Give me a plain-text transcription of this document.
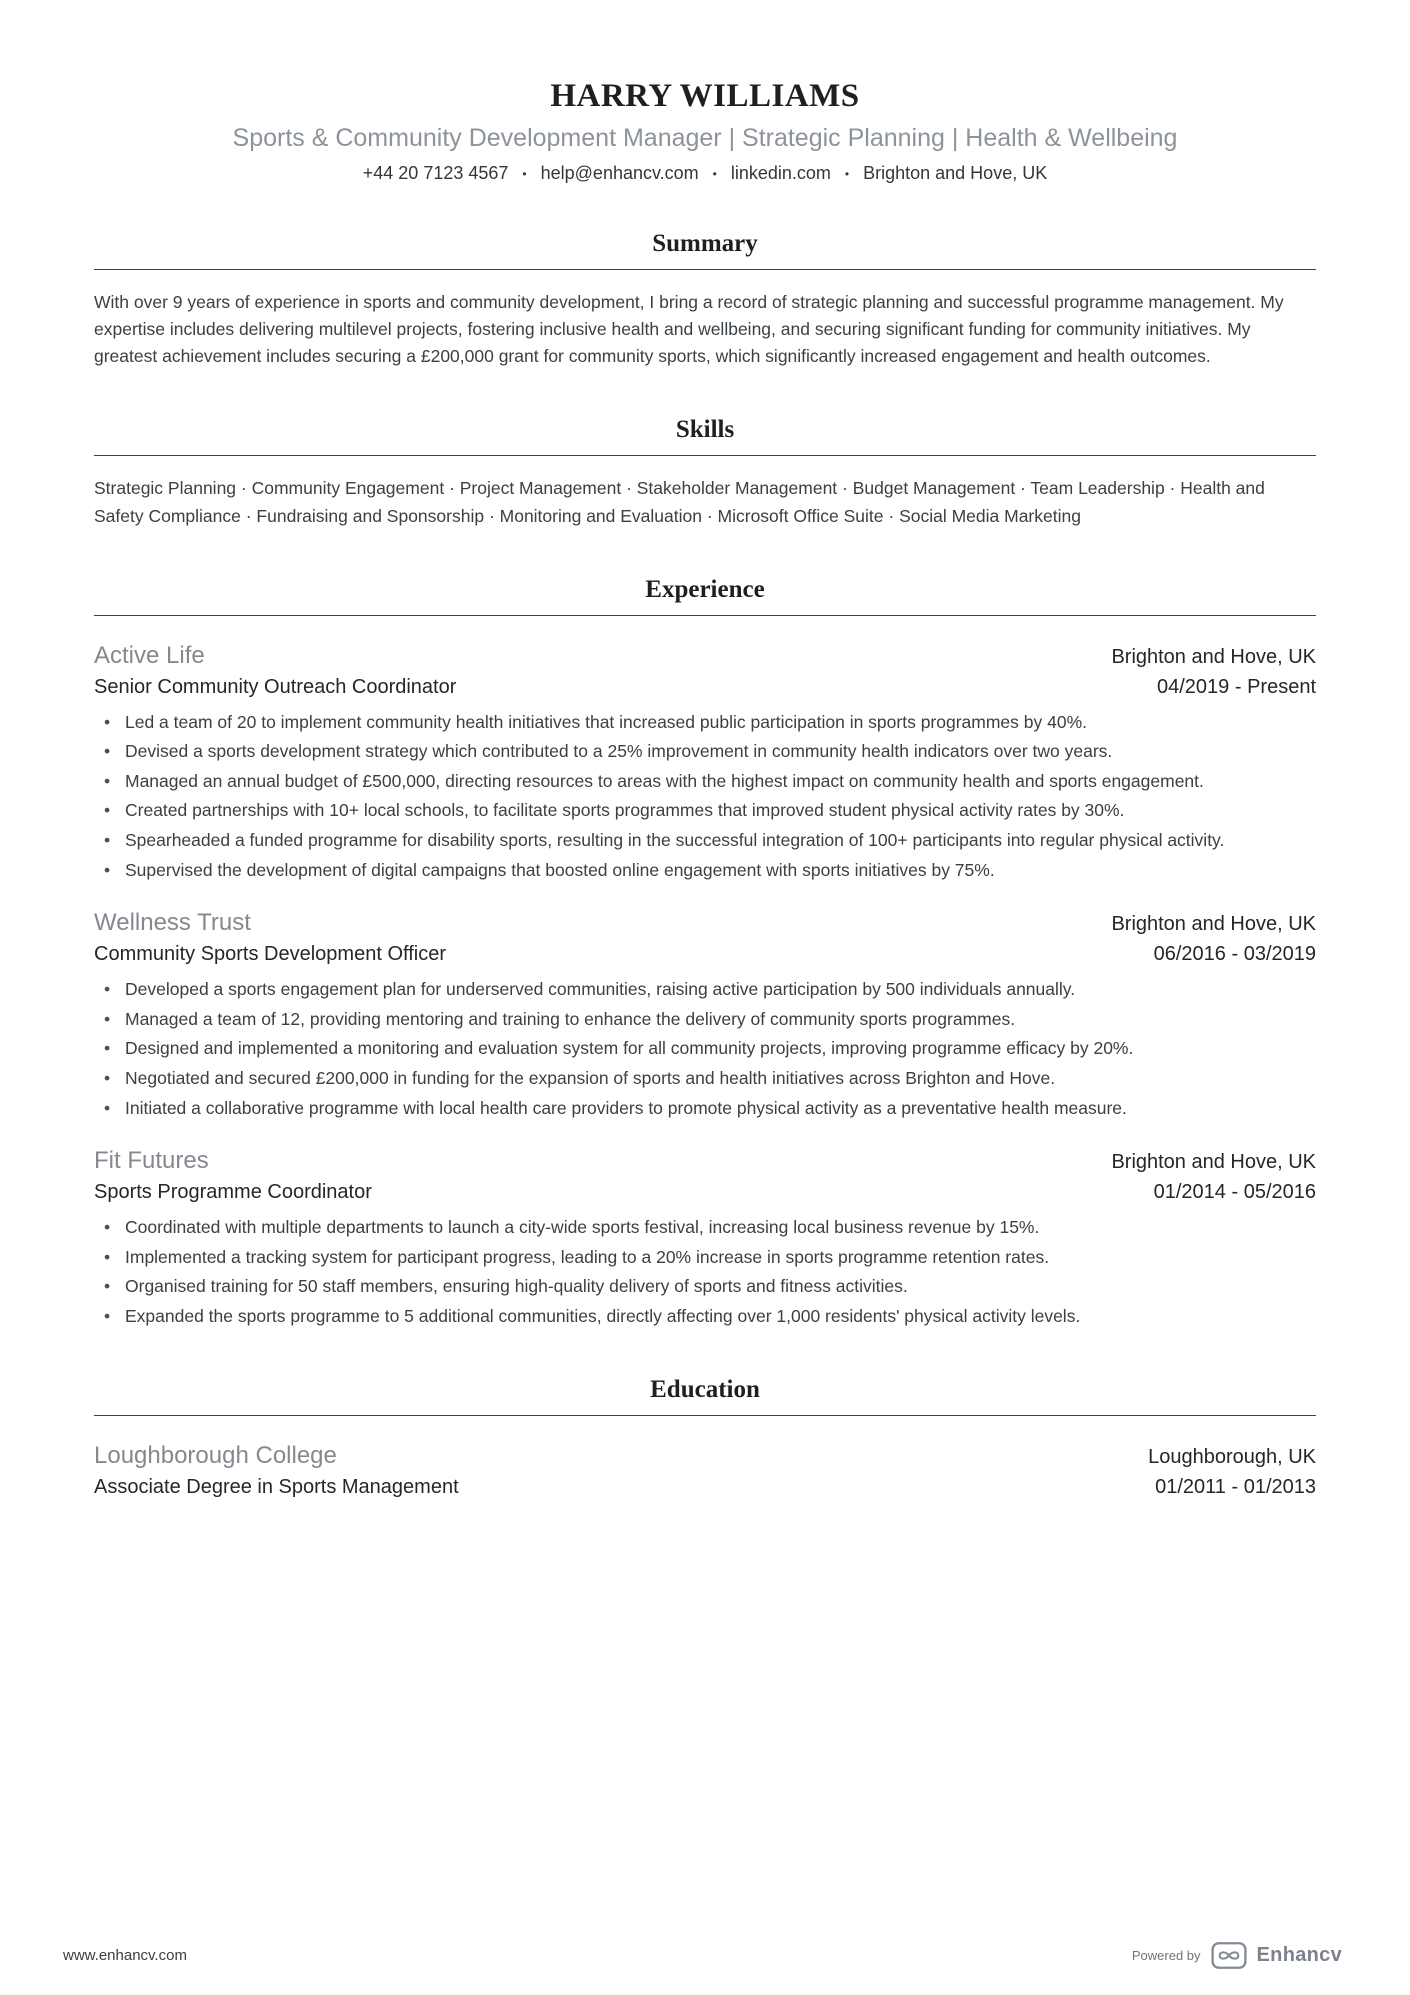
HARRY WILLIAMS
Sports & Community Development Manager | Strategic Planning | Health & Wellbeing
+44 20 7123 4567 • help@enhancv.com • linkedin.com • Brighton and Hove, UK
Summary

With over 9 years of experience in sports and community development, I bring a record of strategic planning and successful programme management. My expertise includes delivering multilevel projects, fostering inclusive health and wellbeing, and securing significant funding for community initiatives. My greatest achievement includes securing a £200,000 grant for community sports, which significantly increased engagement and health outcomes.

Skills

Strategic Planning · Community Engagement · Project Management · Stakeholder Management · Budget Management · Team Leadership · Health and Safety Compliance · Fundraising and Sponsorship · Monitoring and Evaluation · Microsoft Office Suite · Social Media Marketing

Experience
Active Life	Brighton and Hove, UK
Senior Community Outreach Coordinator	04/2019 - Present
• Led a team of 20 to implement community health initiatives that increased public participation in sports programmes by 40%.
• Devised a sports development strategy which contributed to a 25% improvement in community health indicators over two years.
• Managed an annual budget of £500,000, directing resources to areas with the highest impact on community health and sports engagement.
• Created partnerships with 10+ local schools, to facilitate sports programmes that improved student physical activity rates by 30%.
• Spearheaded a funded programme for disability sports, resulting in the successful integration of 100+ participants into regular physical activity.
• Supervised the development of digital campaigns that boosted online engagement with sports initiatives by 75%.
Wellness Trust	Brighton and Hove, UK
Community Sports Development Officer	06/2016 - 03/2019
• Developed a sports engagement plan for underserved communities, raising active participation by 500 individuals annually.
• Managed a team of 12, providing mentoring and training to enhance the delivery of community sports programmes.
• Designed and implemented a monitoring and evaluation system for all community projects, improving programme efficacy by 20%.
• Negotiated and secured £200,000 in funding for the expansion of sports and health initiatives across Brighton and Hove.
• Initiated a collaborative programme with local health care providers to promote physical activity as a preventative health measure.
Fit Futures	Brighton and Hove, UK
Sports Programme Coordinator	01/2014 - 05/2016
• Coordinated with multiple departments to launch a city-wide sports festival, increasing local business revenue by 15%.
• Implemented a tracking system for participant progress, leading to a 20% increase in sports programme retention rates.
• Organised training for 50 staff members, ensuring high-quality delivery of sports and fitness activities.
• Expanded the sports programme to 5 additional communities, directly affecting over 1,000 residents' physical activity levels.
Education
Loughborough College	Loughborough, UK
Associate Degree in Sports Management	01/2011 - 01/2013
www.enhancv.com	Powered by	Enhancv
